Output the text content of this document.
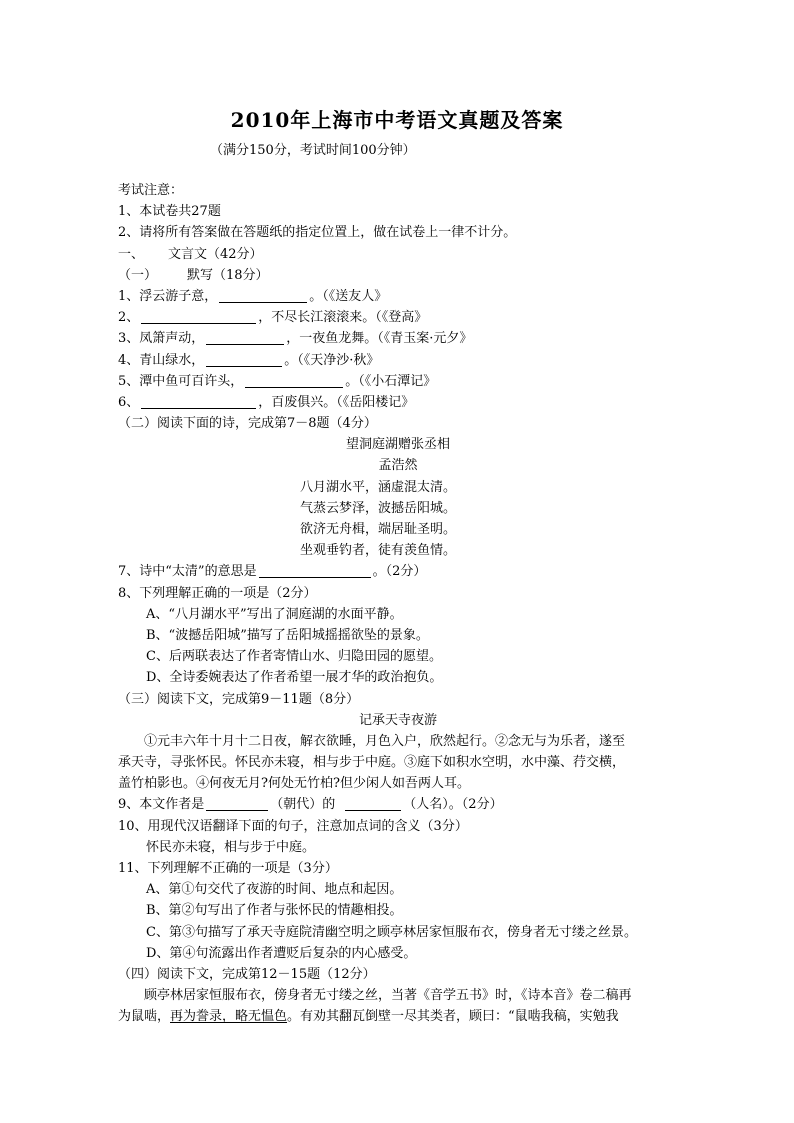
2010年上海市中考语文真题及答案
（满分150分，考试时间100分钟）
考试注意：
1、本试卷共27题
2、请将所有答案做在答题纸的指定位置上，做在试卷上一律不计分。
一、 文言文（42分）
（一） 默写（18分）
1、浮云游子意，	。（《送友人》
2、	，不尽长江滚滚来。（《登高》
3、凤箫声动，	，一夜鱼龙舞。（《青玉案·元夕》
4、青山绿水，	。（《天净沙·秋》
5、潭中鱼可百许头，	。（《小石潭记》
6、	，百废俱兴。（《岳阳楼记》
（二）阅读下面的诗，完成第7－8题（4分）
望洞庭湖赠张丞相
孟浩然
八月湖水平，涵虚混太清。
气蒸云梦泽，波撼岳阳城。
欲济无舟楫，端居耻圣明。
坐观垂钓者，徒有羡鱼情。
7、诗中“太清”的意思是	。（2分）
8、下列理解正确的一项是（2分）
A、“八月湖水平”写出了洞庭湖的水面平静。
B、“波撼岳阳城”描写了岳阳城摇摇欲坠的景象。
C、后两联表达了作者寄情山水、归隐田园的愿望。
D、全诗委婉表达了作者希望一展才华的政治抱负。
（三）阅读下文，完成第9－11题（8分）
记承天寺夜游
①元丰六年十月十二日夜，解衣欲睡，月色入户，欣然起行。②念无与为乐者，遂至
承天寺，寻张怀民。怀民亦未寝，相与步于中庭。③庭下如积水空明，水中藻、荇交横，
盖竹柏影也。④何夜无月?何处无竹柏?但少闲人如吾两人耳。
9、本文作者是	（朝代）的	（人名）。（2分）
10、用现代汉语翻译下面的句子，注意加点词的含义（3分）
怀民亦未寝，相与步于中庭。
11、下列理解不正确的一项是（3分）
A、第①句交代了夜游的时间、地点和起因。
B、第②句写出了作者与张怀民的情趣相投。
C、第③句描写了承天寺庭院清幽空明之顾亭林居家恒服布衣，傍身者无寸缕之丝景。
D、第④句流露出作者遭贬后复杂的内心感受。
（四）阅读下文，完成第12－15题（12分）
顾亭林居家恒服布衣，傍身者无寸缕之丝，当著《音学五书》时，《诗本音》卷二稿再
为鼠啮，再为誊录，略无愠色。有劝其翻瓦倒壁一尽其类者，顾曰：“鼠啮我稿，实勉我
